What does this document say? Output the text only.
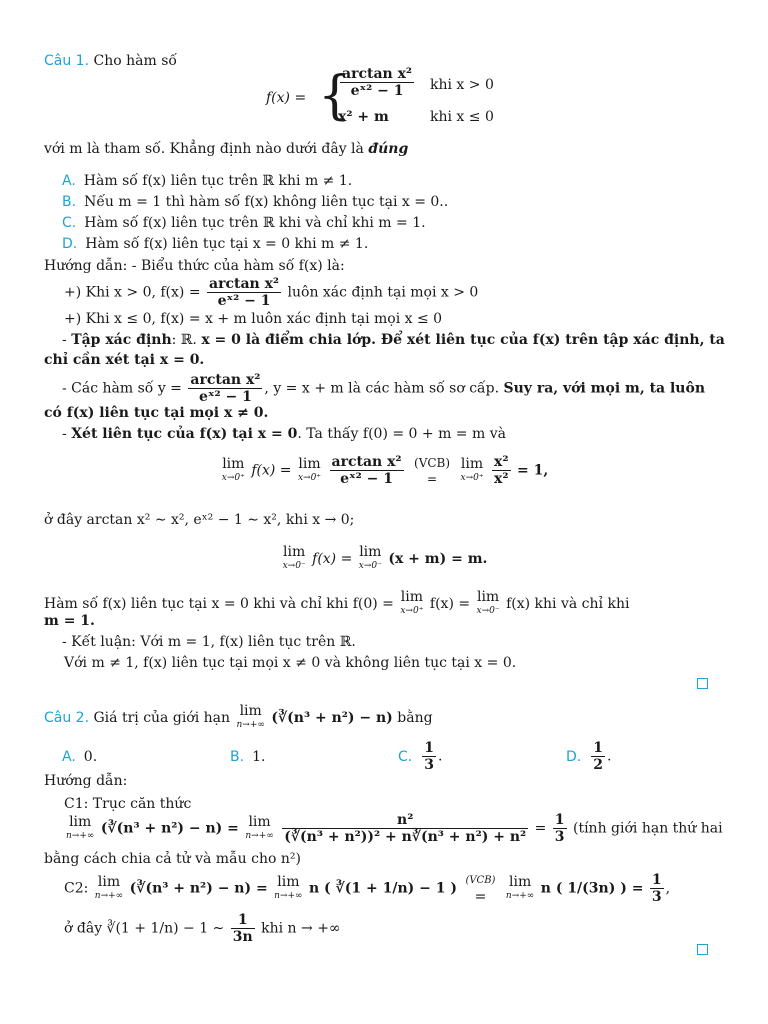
Câu 1. Cho hàm số
f(x) = {
$\frac{\text{arctan x²}}{\text{eˣ² − 1}}$ khi x > 0
x² + m	khi x ≤ 0
với m là tham số. Khẳng định nào dưới đây là đúng
A. Hàm số f(x) liên tục trên ℝ khi m ≠ 1.
B. Nếu m = 1 thì hàm số f(x) không liên tục tại x = 0..
C. Hàm số f(x) liên tục trên ℝ khi và chỉ khi m = 1.
D. Hàm số f(x) liên tục tại x = 0 khi m ≠ 1.
Hướng dẫn: - Biểu thức của hàm số f(x) là:
+) Khi x > 0, $f(x) = \frac{\text{arctan x²}}{\text{eˣ² − 1}}$ luôn xác định tại mọi x > 0
+) Khi x ≤ 0, f(x) = x + m luôn xác định tại mọi x ≤ 0
- Tập xác định: ℝ. x = 0 là điểm chia lớp. Để xét liên tục của f(x) trên tập xác định, ta
chỉ cần xét tại x = 0.
- Các hàm số $y = \frac{\text{arctan x²}}{\text{eˣ² − 1}}$ , y = x + m là các hàm số sơ cấp. Suy ra, với mọi m, ta luôn
có f(x) liên tục tại mọi x ≠ 0.
- Xét liên tục của f(x) tại x = 0. Ta thấy f(0) = 0 + m = m và
lim
x→0⁺ f(x) = lim
x→0⁺
$\frac{\text{arctan x²}}{\text{eˣ² − 1}}$
(VCB)
=

lim
x→0⁺
$\frac{\text{x²}}{\text{x²}} = 1$,
ở đây arctan x² ∼ x², eˣ² − 1 ∼ x², khi x → 0;
lim
x→0⁻ f(x) = lim
x→0⁻ (x + m) = m.
Hàm số f(x) liên tục tại x = 0 khi và chỉ khi f(0) = lim
x→0⁺ f(x) = lim
x→0⁻ f(x) khi và chỉ khi
m = 1.
- Kết luận: Với m = 1, f(x) liên tục trên ℝ.
Với m ≠ 1, f(x) liên tục tại mọi x ≠ 0 và không liên tục tại x = 0.
Câu 2. Giá trị của giới hạn lim
n→+∞ (∛(n³ + n²) − n) bằng
A. 0.	B. 1.	C. $\frac{1}{3}$ .	D. $\frac{1}{2}$ .
Hướng dẫn:
C1: Trục căn thức
lim
n→+∞ (∛(n³ + n²) − n) = lim
n→+∞
$\frac{\text{n²}}{\text{(∛(n³ + n²))² + n∛(n³ + n²) + n²}} = \frac{1}{3}$ (tính giới hạn thứ hai
bằng cách chia cả tử và mẫu cho n²)
C2: lim
n→+∞ (∛(n³ + n²) − n) = lim
n→+∞ n ( ∛(1 + 1/n) − 1 )
(VCB)
=

lim
n→+∞ n ( 1/(3n) ) = $\frac{1}{3}$ ,
ở đây ∛(1 + 1/n) − 1 ∼ $\frac{1}{3n}$ khi n → +∞
